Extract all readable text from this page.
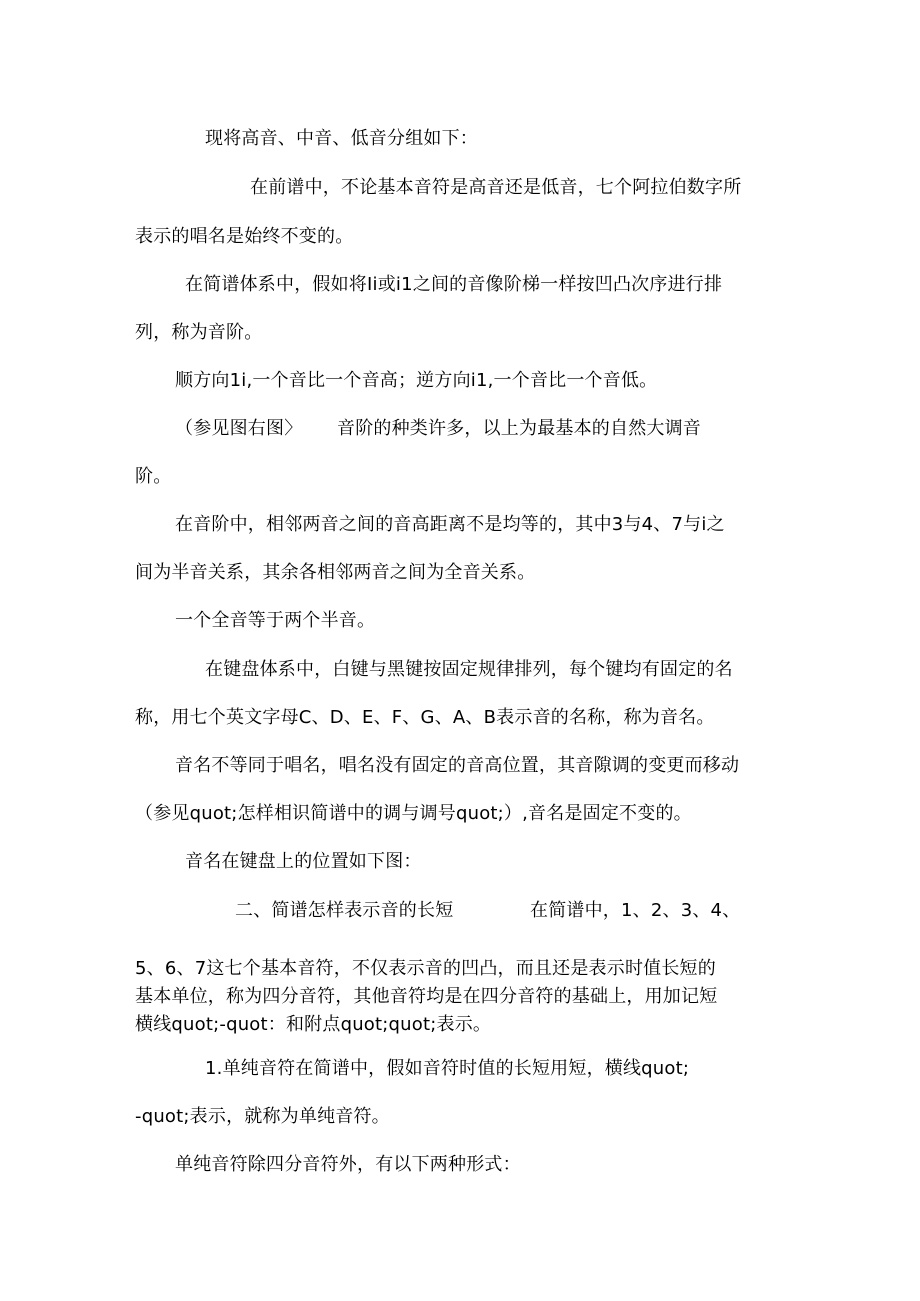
现将高音、中音、低音分组如下：

在前谱中，不论基本音符是高音还是低音，七个阿拉伯数字所

表示的唱名是始终不变的。

在简谱体系中，假如将Ii或i1之间的音像阶梯一样按凹凸次序进行排

列，称为音阶。

顺方向1i,一个音比一个音高；逆方向i1,一个音比一个音低。

（参见图右图〉 音阶的种类许多，以上为最基本的自然大调音

阶。

在音阶中，相邻两音之间的音高距离不是均等的，其中3与4、7与i之

间为半音关系，其余各相邻两音之间为全音关系。

一个全音等于两个半音。

在键盘体系中，白键与黑键按固定规律排列，每个键均有固定的名

称，用七个英文字母C、D、E、F、G、A、B表示音的名称，称为音名。

音名不等同于唱名，唱名没有固定的音高位置，其音隙调的变更而移动

（参见quot;怎样相识简谱中的调与调号quot;）,音名是固定不变的。

音名在键盘上的位置如下图：

二、简谱怎样表示音的长短	在简谱中，1、2、3、4、

5、6、7这七个基本音符，不仅表示音的凹凸，而且还是表示时值长短的

基本单位，称为四分音符，其他音符均是在四分音符的基础上，用加记短

横线quot;-quot：和附点quot;quot;表示。

1.单纯音符在简谱中，假如音符时值的长短用短，横线quot;

-quot;表示，就称为单纯音符。

单纯音符除四分音符外，有以下两种形式：
